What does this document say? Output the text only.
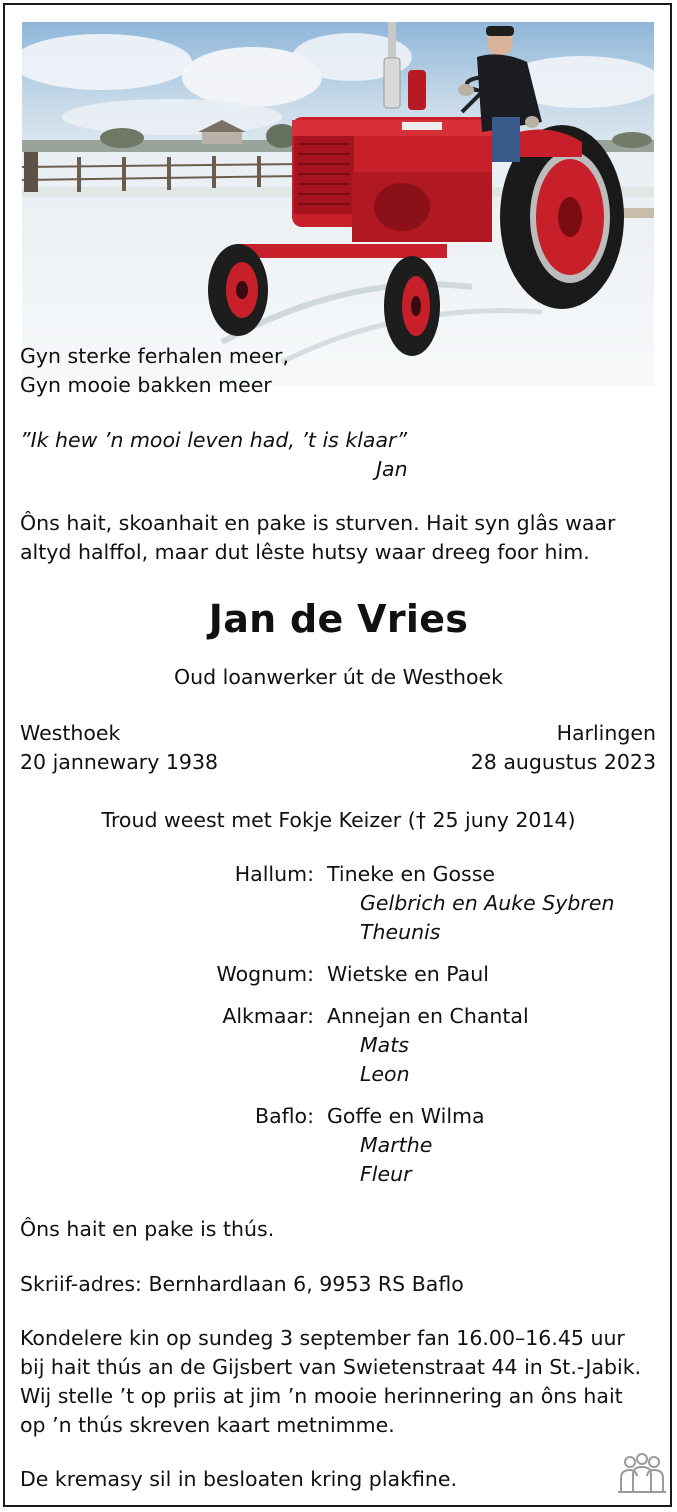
Gyn sterke ferhalen meer,
Gyn mooie bakken meer
”Ik hew ’n mooi leven had, ’t is klaar”
Jan
Ôns hait, skoanhait en pake is sturven. Hait syn glâs waar
altyd halffol, maar dut lêste hutsy waar dreeg foor him.
Jan de Vries
Oud loanwerker út de Westhoek
Westhoek
20 jannewary 1938
Harlingen
28 augustus 2023
Troud weest met Fokje Keizer († 25 juny 2014)
Hallum: Tineke en Gosse
Gelbrich en Auke Sybren
Theunis
Wognum: Wietske en Paul
Alkmaar: Annejan en Chantal
Mats
Leon
Baflo: Goffe en Wilma
Marthe
Fleur
Ôns hait en pake is thús.
Skriif-adres: Bernhardlaan 6, 9953 RS Baflo
Kondelere kin op sundeg 3 september fan 16.00–16.45 uur
bij hait thús an de Gijsbert van Swietenstraat 44 in St.-Jabik.
Wij stelle ’t op priis at jim ’n mooie herinnering an ôns hait
op ’n thús skreven kaart metnimme.
De kremasy sil in besloaten kring plakfine.
